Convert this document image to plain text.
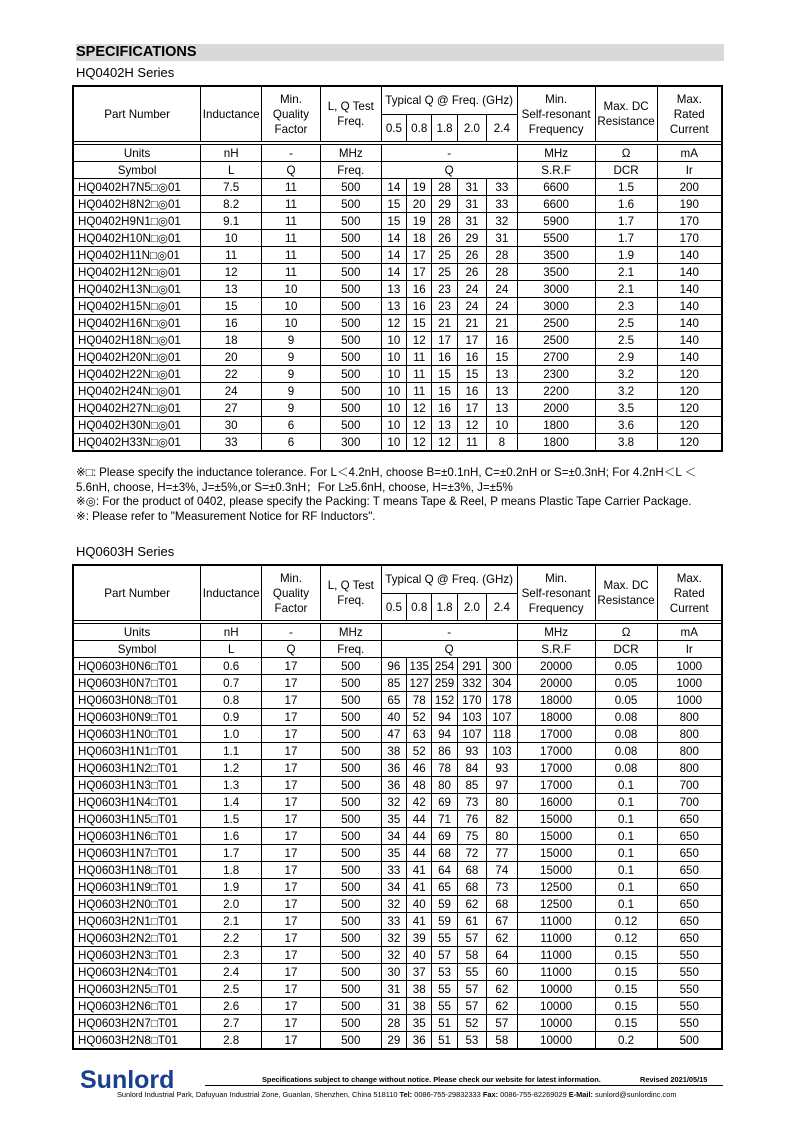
SPECIFICATIONS
HQ0402H Series
Part Number	Inductance	Min.
Quality
Factor	L, Q Test
Freq.	Typical Q @ Freq. (GHz)					Min.
Self-resonant
Frequency	Max. DC
Resistance	Max.
Rated
Current
				0.5	0.8	1.8	2.0	2.4			

Units	nH	-	MHz	-					MHz	Ω	mA
Symbol	L	Q	Freq.	Q					S.R.F	DCR	Ir
HQ0402H7N5□◎01	7.5	11	500	14	19	28	31	33	6600	1.5	200
HQ0402H8N2□◎01	8.2	11	500	15	20	29	31	33	6600	1.6	190
HQ0402H9N1□◎01	9.1	11	500	15	19	28	31	32	5900	1.7	170
HQ0402H10N□◎01	10	11	500	14	18	26	29	31	5500	1.7	170
HQ0402H11N□◎01	11	11	500	14	17	25	26	28	3500	1.9	140
HQ0402H12N□◎01	12	11	500	14	17	25	26	28	3500	2.1	140
HQ0402H13N□◎01	13	10	500	13	16	23	24	24	3000	2.1	140
HQ0402H15N□◎01	15	10	500	13	16	23	24	24	3000	2.3	140
HQ0402H16N□◎01	16	10	500	12	15	21	21	21	2500	2.5	140
HQ0402H18N□◎01	18	9	500	10	12	17	17	16	2500	2.5	140
HQ0402H20N□◎01	20	9	500	10	11	16	16	15	2700	2.9	140
HQ0402H22N□◎01	22	9	500	10	11	15	15	13	2300	3.2	120
HQ0402H24N□◎01	24	9	500	10	11	15	16	13	2200	3.2	120
HQ0402H27N□◎01	27	9	500	10	12	16	17	13	2000	3.5	120
HQ0402H30N□◎01	30	6	500	10	12	13	12	10	1800	3.6	120
HQ0402H33N□◎01	33	6	300	10	12	12	11	8	1800	3.8	120
※□: Please specify the inductance tolerance. For L＜4.2nH, choose B=±0.1nH, C=±0.2nH or S=±0.3nH; For 4.2nH＜L ＜5.6nH, choose, H=±3%, J=±5%,or S=±0.3nH；For L≥5.6nH, choose, H=±3%, J=±5%
※◎: For the product of 0402, please specify the Packing: T means Tape & Reel, P means Plastic Tape Carrier Package.
※: Please refer to "Measurement Notice for RF Inductors".
HQ0603H Series
Part Number	Inductance	Min.
Quality
Factor	L, Q Test
Freq.	Typical Q @ Freq. (GHz)					Min.
Self-resonant
Frequency	Max. DC
Resistance	Max.
Rated
Current
				0.5	0.8	1.8	2.0	2.4			

Units	nH	-	MHz	-					MHz	Ω	mA
Symbol	L	Q	Freq.	Q					S.R.F	DCR	Ir
HQ0603H0N6□T01	0.6	17	500	96	135	254	291	300	20000	0.05	1000
HQ0603H0N7□T01	0.7	17	500	85	127	259	332	304	20000	0.05	1000
HQ0603H0N8□T01	0.8	17	500	65	78	152	170	178	18000	0.05	1000
HQ0603H0N9□T01	0.9	17	500	40	52	94	103	107	18000	0.08	800
HQ0603H1N0□T01	1.0	17	500	47	63	94	107	118	17000	0.08	800
HQ0603H1N1□T01	1.1	17	500	38	52	86	93	103	17000	0.08	800
HQ0603H1N2□T01	1.2	17	500	36	46	78	84	93	17000	0.08	800
HQ0603H1N3□T01	1.3	17	500	36	48	80	85	97	17000	0.1	700
HQ0603H1N4□T01	1.4	17	500	32	42	69	73	80	16000	0.1	700
HQ0603H1N5□T01	1.5	17	500	35	44	71	76	82	15000	0.1	650
HQ0603H1N6□T01	1.6	17	500	34	44	69	75	80	15000	0.1	650
HQ0603H1N7□T01	1.7	17	500	35	44	68	72	77	15000	0.1	650
HQ0603H1N8□T01	1.8	17	500	33	41	64	68	74	15000	0.1	650
HQ0603H1N9□T01	1.9	17	500	34	41	65	68	73	12500	0.1	650
HQ0603H2N0□T01	2.0	17	500	32	40	59	62	68	12500	0.1	650
HQ0603H2N1□T01	2.1	17	500	33	41	59	61	67	11000	0.12	650
HQ0603H2N2□T01	2.2	17	500	32	39	55	57	62	11000	0.12	650
HQ0603H2N3□T01	2.3	17	500	32	40	57	58	64	11000	0.15	550
HQ0603H2N4□T01	2.4	17	500	30	37	53	55	60	11000	0.15	550
HQ0603H2N5□T01	2.5	17	500	31	38	55	57	62	10000	0.15	550
HQ0603H2N6□T01	2.6	17	500	31	38	55	57	62	10000	0.15	550
HQ0603H2N7□T01	2.7	17	500	28	35	51	52	57	10000	0.15	550
HQ0603H2N8□T01	2.8	17	500	29	36	51	53	58	10000	0.2	500
Sunlord	Specifications subject to change without notice. Please check our website for latest information.	Revised 2021/05/15
Sunlord Industrial Park, Dafuyuan Industrial Zone, Guanlan, Shenzhen, China 518110 Tel: 0086-755-29832333 Fax: 0086-755-82269029 E-Mail: sunlord@sunlordinc.com
